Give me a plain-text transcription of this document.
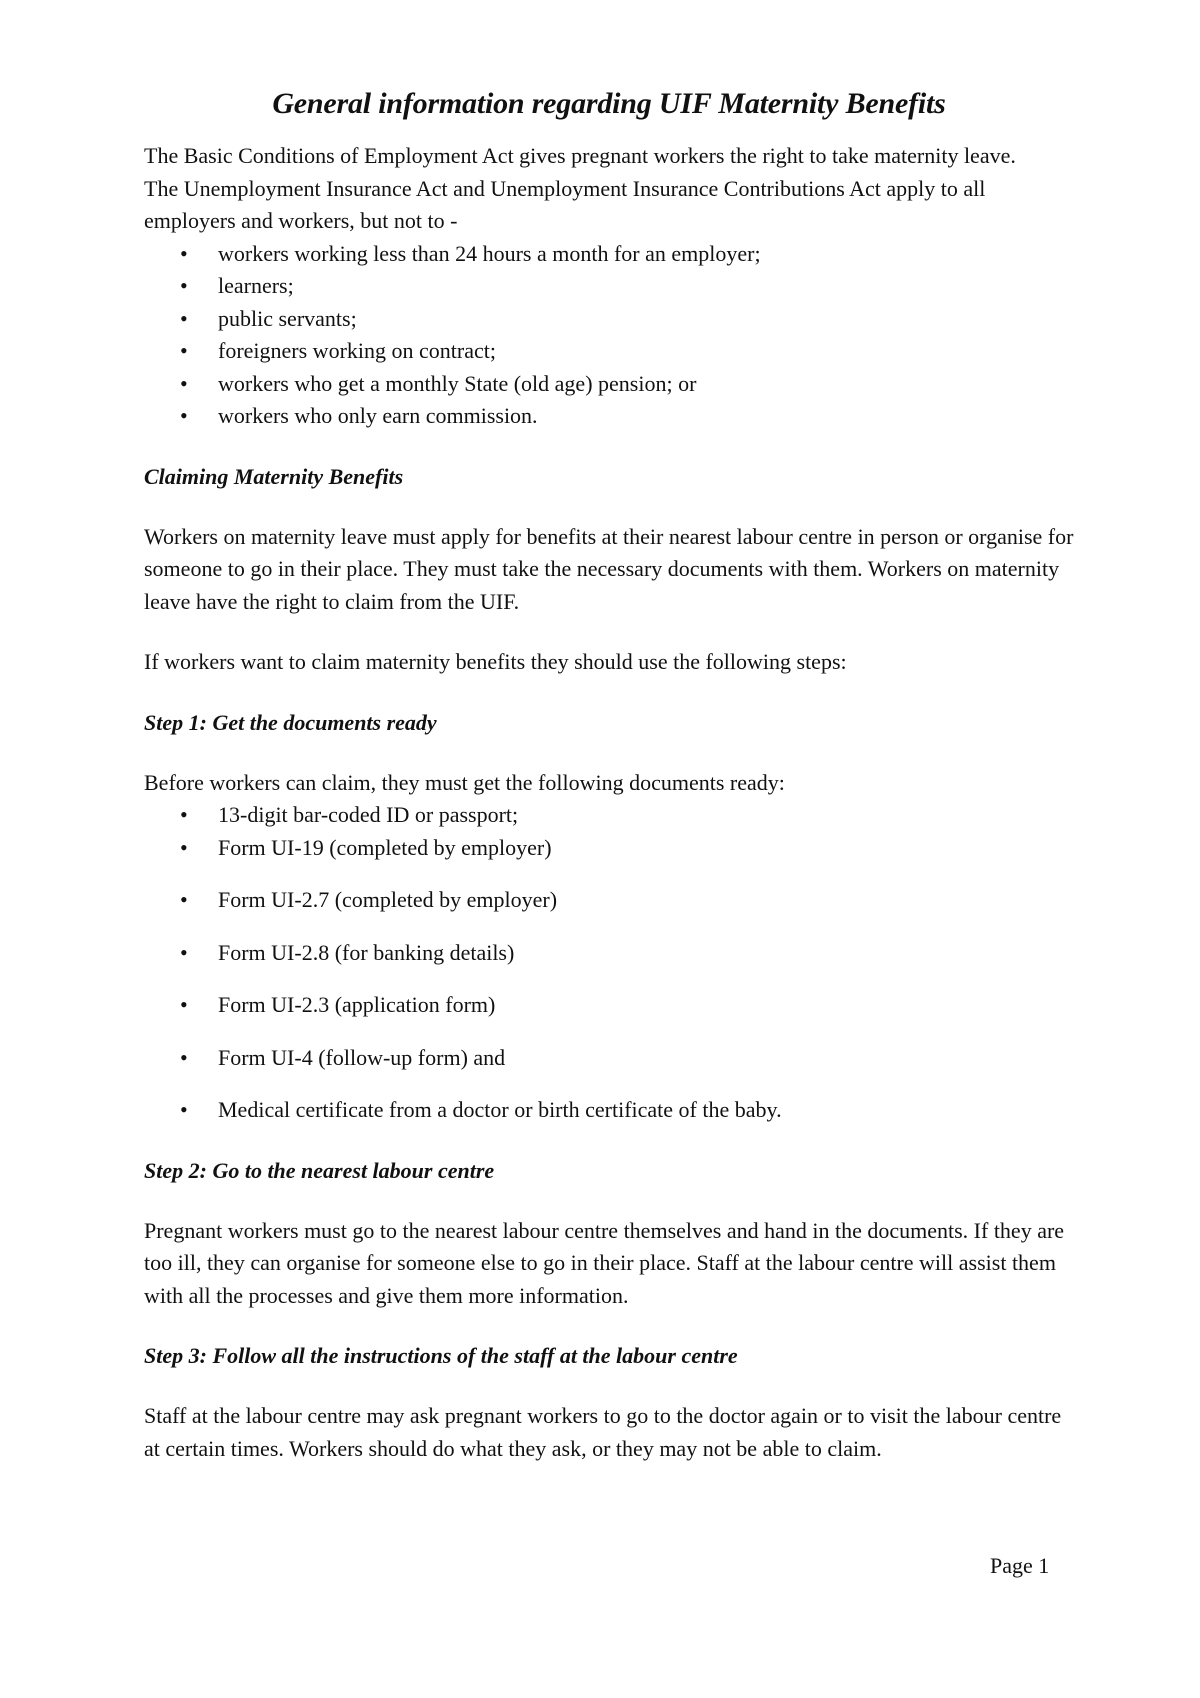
General information regarding UIF Maternity Benefits

The Basic Conditions of Employment Act gives pregnant workers the right to take maternity leave.

The Unemployment Insurance Act and Unemployment Insurance Contributions Act apply to all employers and workers, but not to -

• workers working less than 24 hours a month for an employer;
• learners;
• public servants;
• foreigners working on contract;
• workers who get a monthly State (old age) pension; or
• workers who only earn commission.
Claiming Maternity Benefits

Workers on maternity leave must apply for benefits at their nearest labour centre in person or organise for someone to go in their place. They must take the necessary documents with them. Workers on maternity leave have the right to claim from the UIF.

If workers want to claim maternity benefits they should use the following steps:

Step 1: Get the documents ready

Before workers can claim, they must get the following documents ready:

• 13-digit bar-coded ID or passport;
• Form UI-19 (completed by employer)
• Form UI-2.7 (completed by employer)
• Form UI-2.8 (for banking details)
• Form UI-2.3 (application form)
• Form UI-4 (follow-up form) and
• Medical certificate from a doctor or birth certificate of the baby.
Step 2: Go to the nearest labour centre

Pregnant workers must go to the nearest labour centre themselves and hand in the documents. If they are too ill, they can organise for someone else to go in their place. Staff at the labour centre will assist them with all the processes and give them more information.

Step 3: Follow all the instructions of the staff at the labour centre

Staff at the labour centre may ask pregnant workers to go to the doctor again or to visit the labour centre at certain times. Workers should do what they ask, or they may not be able to claim.

Page 1
